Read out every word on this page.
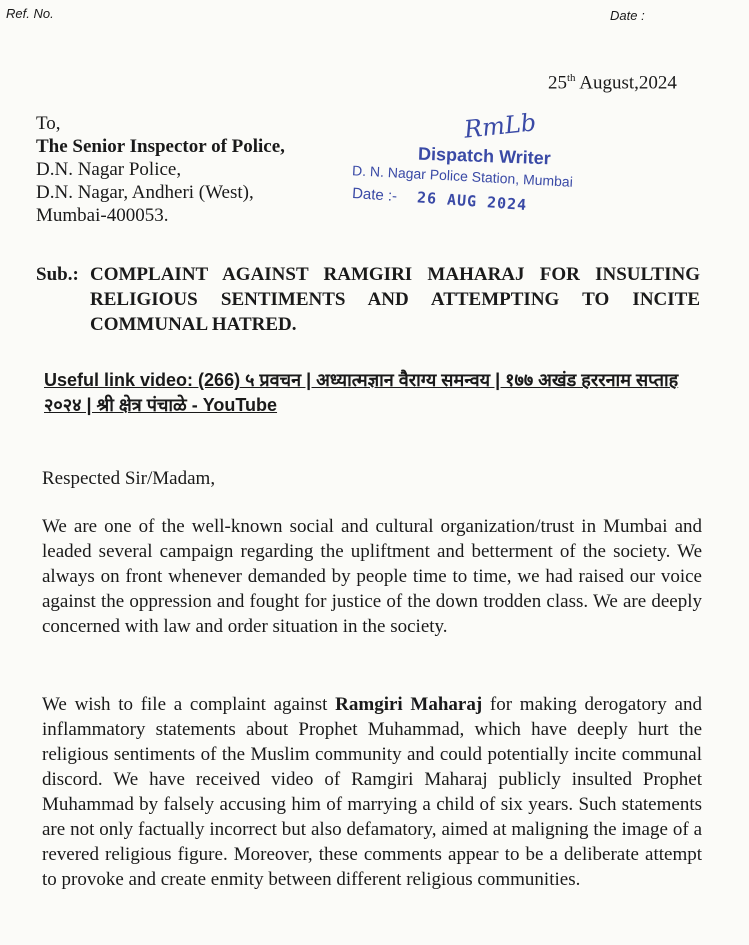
Ref. No.	Date :
25th August,2024
To,
The Senior Inspector of Police,
D.N. Nagar Police,
D.N. Nagar, Andheri (West),
Mumbai-400053.
RmLb
Dispatch Writer
D. N. Nagar Police Station, Mumbai
Date :- 26 AUG 2024
Sub.: COMPLAINT AGAINST RAMGIRI MAHARAJ FOR INSULTING RELIGIOUS SENTIMENTS AND ATTEMPTING TO INCITE COMMUNAL HATRED.
Useful link video: (266) ५ प्रवचन | अध्यात्मज्ञान वैराग्य समन्वय | १७७ अखंड हररनाम सप्ताह २०२४ | श्री क्षेत्र पंचाळे - YouTube
Respected Sir/Madam,
We are one of the well-known social and cultural organization/trust in Mumbai and leaded several campaign regarding the upliftment and betterment of the society. We always on front whenever demanded by people time to time, we had raised our voice against the oppression and fought for justice of the down trodden class. We are deeply concerned with law and order situation in the society.
We wish to file a complaint against Ramgiri Maharaj for making derogatory and inflammatory statements about Prophet Muhammad, which have deeply hurt the religious sentiments of the Muslim community and could potentially incite communal discord. We have received video of Ramgiri Maharaj publicly insulted Prophet Muhammad by falsely accusing him of marrying a child of six years. Such statements are not only factually incorrect but also defamatory, aimed at maligning the image of a revered religious figure. Moreover, these comments appear to be a deliberate attempt to provoke and create enmity between different religious communities.
